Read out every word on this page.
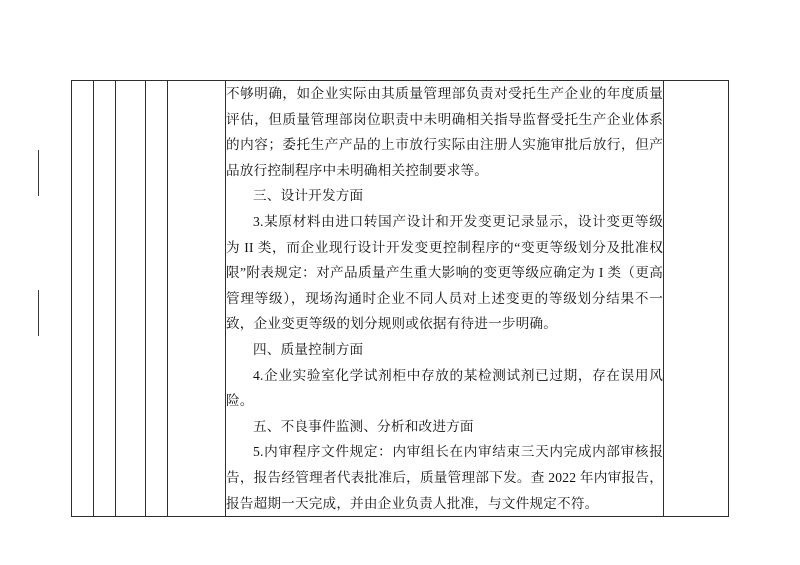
不够明确，如企业实际由其质量管理部负责对受托生产企业的年度质量评估，但质量管理部岗位职责中未明确相关指导监督受托生产企业体系的内容；委托生产产品的上市放行实际由注册人实施审批后放行，但产品放行控制程序中未明确相关控制要求等。

三、设计开发方面

3.某原材料由进口转国产设计和开发变更记录显示，设计变更等级为 II 类，而企业现行设计开发变更控制程序的“变更等级划分及批准权限”附表规定：对产品质量产生重大影响的变更等级应确定为 I 类（更高管理等级），现场沟通时企业不同人员对上述变更的等级划分结果不一致，企业变更等级的划分规则或依据有待进一步明确。

四、质量控制方面

4.企业实验室化学试剂柜中存放的某检测试剂已过期，存在误用风险。

五、不良事件监测、分析和改进方面

5.内审程序文件规定：内审组长在内审结束三天内完成内部审核报告，报告经管理者代表批准后，质量管理部下发。查 2022 年内审报告，报告超期一天完成，并由企业负责人批准，与文件规定不符。
